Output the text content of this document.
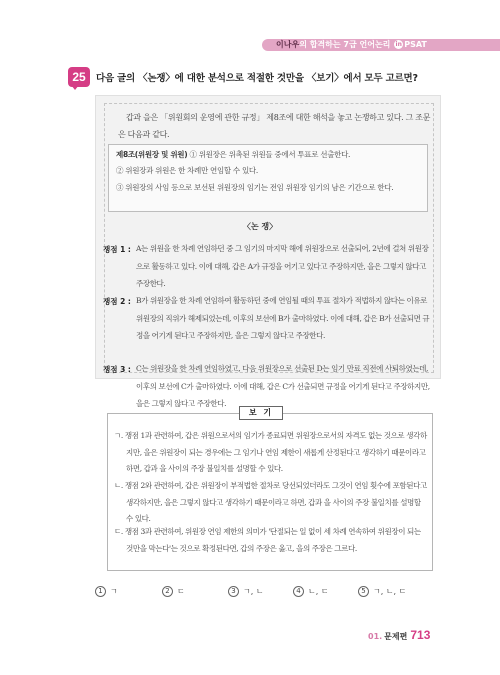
이나우의 합격하는 7급 언어논리 in PSAT
25	다음 글의 〈논쟁〉에 대한 분석으로 적절한 것만을 〈보기〉에서 모두 고르면?
갑과 을은 「위원회의 운영에 관한 규정」 제8조에 대한 해석을 놓고 논쟁하고 있다. 그 조문은 다음과 같다.
제8조(위원장 및 위원) ① 위원장은 위촉된 위원들 중에서 투표로 선출한다.
② 위원장과 위원은 한 차례만 연임할 수 있다.
③ 위원장의 사임 등으로 보선된 위원장의 임기는 전임 위원장 임기의 남은 기간으로 한다.
〈논 쟁〉
쟁점 1 : A는 위원을 한 차례 연임하던 중 그 임기의 마지막 해에 위원장으로 선출되어, 2년에 걸쳐 위원장으로 활동하고 있다. 이에 대해, 갑은 A가 규정을 어기고 있다고 주장하지만, 을은 그렇지 않다고 주장한다.
쟁점 2 : B가 위원장을 한 차례 연임하여 활동하던 중에 연임될 때의 투표 절차가 적법하지 않다는 이유로 위원장의 직위가 해제되었는데, 이후의 보선에 B가 출마하였다. 이에 대해, 갑은 B가 선출되면 규정을 어기게 된다고 주장하지만, 을은 그렇지 않다고 주장한다.
쟁점 3 : C는 위원장을 한 차례 연임하였고, 다음 위원장으로 선출된 D는 임기 만료 직전에 사퇴하였는데, 이후의 보선에 C가 출마하였다. 이에 대해, 갑은 C가 선출되면 규정을 어기게 된다고 주장하지만, 을은 그렇지 않다고 주장한다.
보 기
ㄱ. 쟁점 1과 관련하여, 갑은 위원으로서의 임기가 종료되면 위원장으로서의 자격도 없는 것으로 생각하지만, 을은 위원장이 되는 경우에는 그 임기나 연임 제한이 새롭게 산정된다고 생각하기 때문이라고 하면, 갑과 을 사이의 주장 불일치를 설명할 수 있다.
ㄴ. 쟁점 2와 관련하여, 갑은 위원장이 부적법한 절차로 당선되었더라도 그것이 연임 횟수에 포함된다고 생각하지만, 을은 그렇지 않다고 생각하기 때문이라고 하면, 갑과 을 사이의 주장 불일치를 설명할 수 있다.
ㄷ. 쟁점 3과 관련하여, 위원장 연임 제한의 의미가 '단절되는 일 없이 세 차례 연속하여 위원장이 되는 것만을 막는다'는 것으로 확정된다면, 갑의 주장은 옳고, 을의 주장은 그르다.
1 ㄱ	2 ㄷ	3 ㄱ, ㄴ	4 ㄴ, ㄷ	5 ㄱ, ㄴ, ㄷ
01. 문제편 713
